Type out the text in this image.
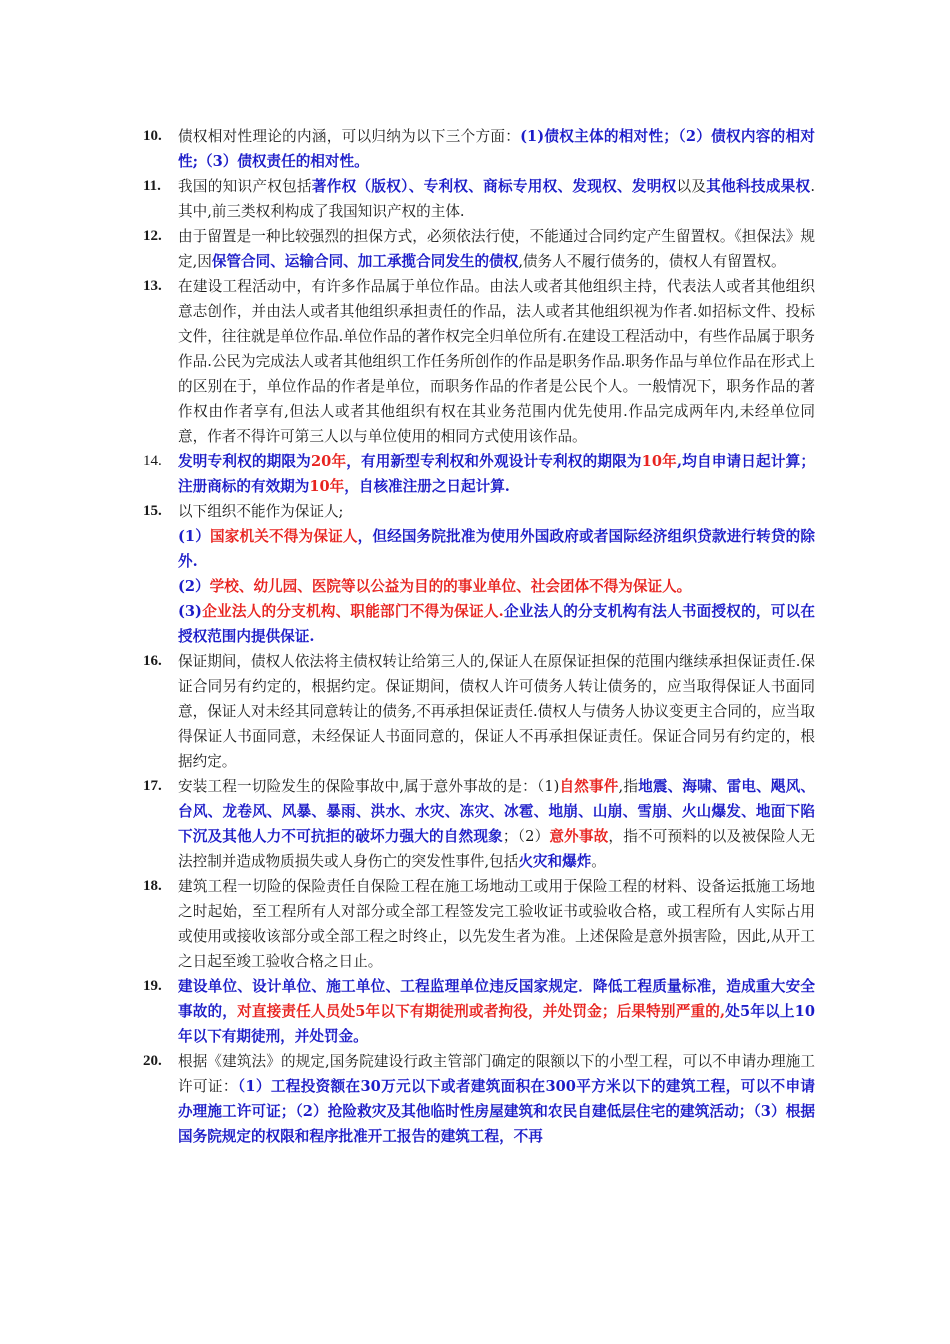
10.	债权相对性理论的内涵，可以归纳为以下三个方面：(1)债权主体的相对性；（2）债权内容的相对性;（3）债权责任的相对性。
11.	我国的知识产权包括著作权（版权）、专利权、商标专用权、发现权、发明权以及其他科技成果权.其中,前三类权利构成了我国知识产权的主体.
12.	由于留置是一种比较强烈的担保方式，必须依法行使，不能通过合同约定产生留置权。《担保法》规定,因保管合同、运输合同、加工承揽合同发生的债权,债务人不履行债务的，债权人有留置权。
13.	在建设工程活动中，有许多作品属于单位作品。由法人或者其他组织主持，代表法人或者其他组织意志创作，并由法人或者其他组织承担责任的作品，法人或者其他组织视为作者.如招标文件、投标文件，往往就是单位作品.单位作品的著作权完全归单位所有.在建设工程活动中，有些作品属于职务作品.公民为完成法人或者其他组织工作任务所创作的作品是职务作品.职务作品与单位作品在形式上的区别在于，单位作品的作者是单位，而职务作品的作者是公民个人。一般情况下，职务作品的著作权由作者享有,但法人或者其他组织有权在其业务范围内优先使用.作品完成两年内,未经单位同意，作者不得许可第三人以与单位使用的相同方式使用该作品。
14.	发明专利权的期限为20年，有用新型专利权和外观设计专利权的期限为10年,均自申请日起计算；注册商标的有效期为10年，自核准注册之日起计算.
15.	以下组织不能作为保证人;
(1）国家机关不得为保证人，但经国务院批准为使用外国政府或者国际经济组织贷款进行转贷的除外.
(2）学校、幼儿园、医院等以公益为目的的事业单位、社会团体不得为保证人。
(3)企业法人的分支机构、职能部门不得为保证人.企业法人的分支机构有法人书面授权的，可以在授权范围内提供保证.
16.	保证期间，债权人依法将主债权转让给第三人的,保证人在原保证担保的范围内继续承担保证责任.保证合同另有约定的，根据约定。保证期间，债权人许可债务人转让债务的，应当取得保证人书面同意，保证人对未经其同意转让的债务,不再承担保证责任.债权人与债务人协议变更主合同的，应当取得保证人书面同意，未经保证人书面同意的，保证人不再承担保证责任。保证合同另有约定的，根据约定。
17.	安装工程一切险发生的保险事故中,属于意外事故的是：（1)自然事件,指地震、海啸、雷电、飓风、台风、龙卷风、风暴、暴雨、洪水、水灾、冻灾、冰雹、地崩、山崩、雪崩、火山爆发、地面下陷下沉及其他人力不可抗拒的破坏力强大的自然现象；（2）意外事故，指不可预料的以及被保险人无法控制并造成物质损失或人身伤亡的突发性事件,包括火灾和爆炸。
18.	建筑工程一切险的保险责任自保险工程在施工场地动工或用于保险工程的材料、设备运抵施工场地之时起始，至工程所有人对部分或全部工程签发完工验收证书或验收合格，或工程所有人实际占用或使用或接收该部分或全部工程之时终止，以先发生者为准。上述保险是意外损害险，因此,从开工之日起至竣工验收合格之日止。
19.	建设单位、设计单位、施工单位、工程监理单位违反国家规定．降低工程质量标准，造成重大安全事故的，对直接责任人员处5年以下有期徒刑或者拘役，并处罚金；后果特别严重的,处5年以上10年以下有期徒刑，并处罚金。
20.	根据《建筑法》的规定,国务院建设行政主管部门确定的限额以下的小型工程，可以不申请办理施工许可证：（1）工程投资额在30万元以下或者建筑面积在300平方米以下的建筑工程，可以不申请办理施工许可证；（2）抢险救灾及其他临时性房屋建筑和农民自建低层住宅的建筑活动；（3）根据国务院规定的权限和程序批准开工报告的建筑工程，不再
